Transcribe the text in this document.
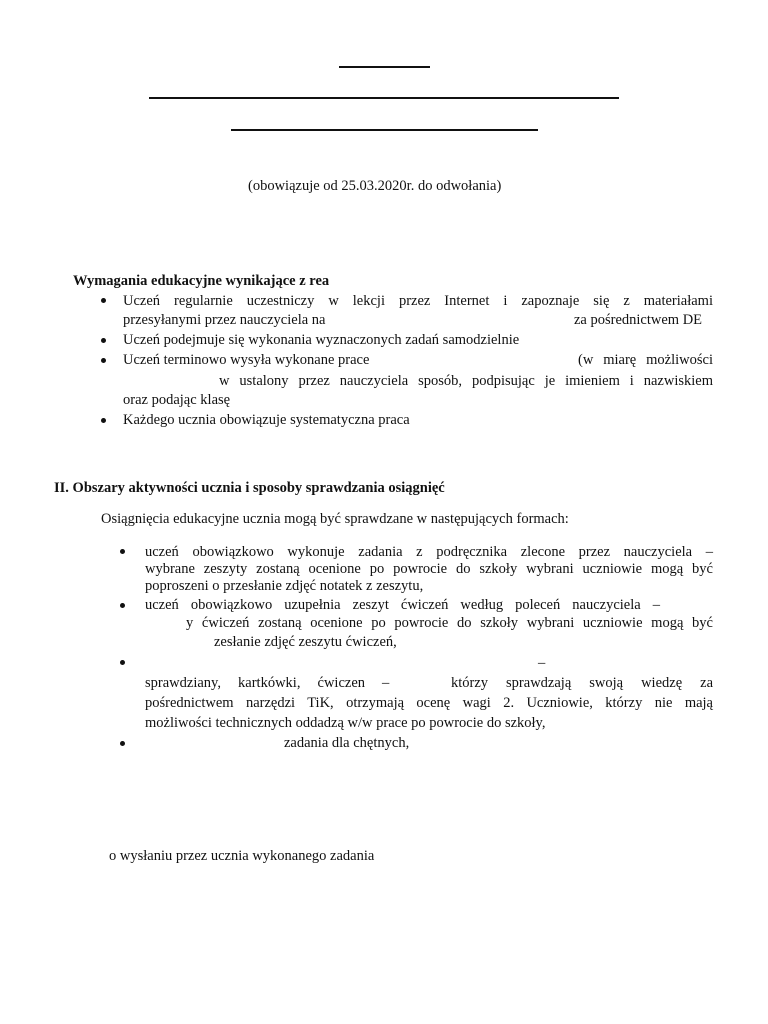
(obowiązuje od 25.03.2020r. do odwołania)
Wymagania edukacyjne wynikające z rea
Uczeń regularnie uczestniczy w lekcji przez Internet i zapoznaje się z materiałami
przesyłanymi przez nauczyciela na	za pośrednictwem DE
Uczeń podejmuje się wykonania wyznaczonych zadań samodzielnie
Uczeń terminowo wysyła wykonane prace	(w miarę możliwości
w ustalony przez nauczyciela sposób, podpisując je imieniem i nazwiskiem
oraz podając klasę
Każdego ucznia obowiązuje systematyczna praca
II. Obszary aktywności ucznia i sposoby sprawdzania osiągnięć
Osiągnięcia edukacyjne ucznia mogą być sprawdzane w następujących formach:
uczeń obowiązkowo wykonuje zadania z podręcznika zlecone przez nauczyciela –
wybrane zeszyty zostaną ocenione po powrocie do szkoły wybrani uczniowie mogą być
poproszeni o przesłanie zdjęć notatek z zeszytu,
uczeń obowiązkowo uzupełnia zeszyt ćwiczeń według poleceń nauczyciela –
y ćwiczeń zostaną ocenione po powrocie do szkoły wybrani uczniowie mogą być
zesłanie zdjęć zeszytu ćwiczeń,
–
sprawdziany, kartkówki, ćwiczen –	którzy sprawdzają swoją wiedzę za
pośrednictwem narzędzi TiK, otrzymają ocenę wagi 2. Uczniowie, którzy nie mają
możliwości technicznych oddadzą w/w prace po powrocie do szkoły,
zadania dla chętnych,
o wysłaniu przez ucznia wykonanego zadania
